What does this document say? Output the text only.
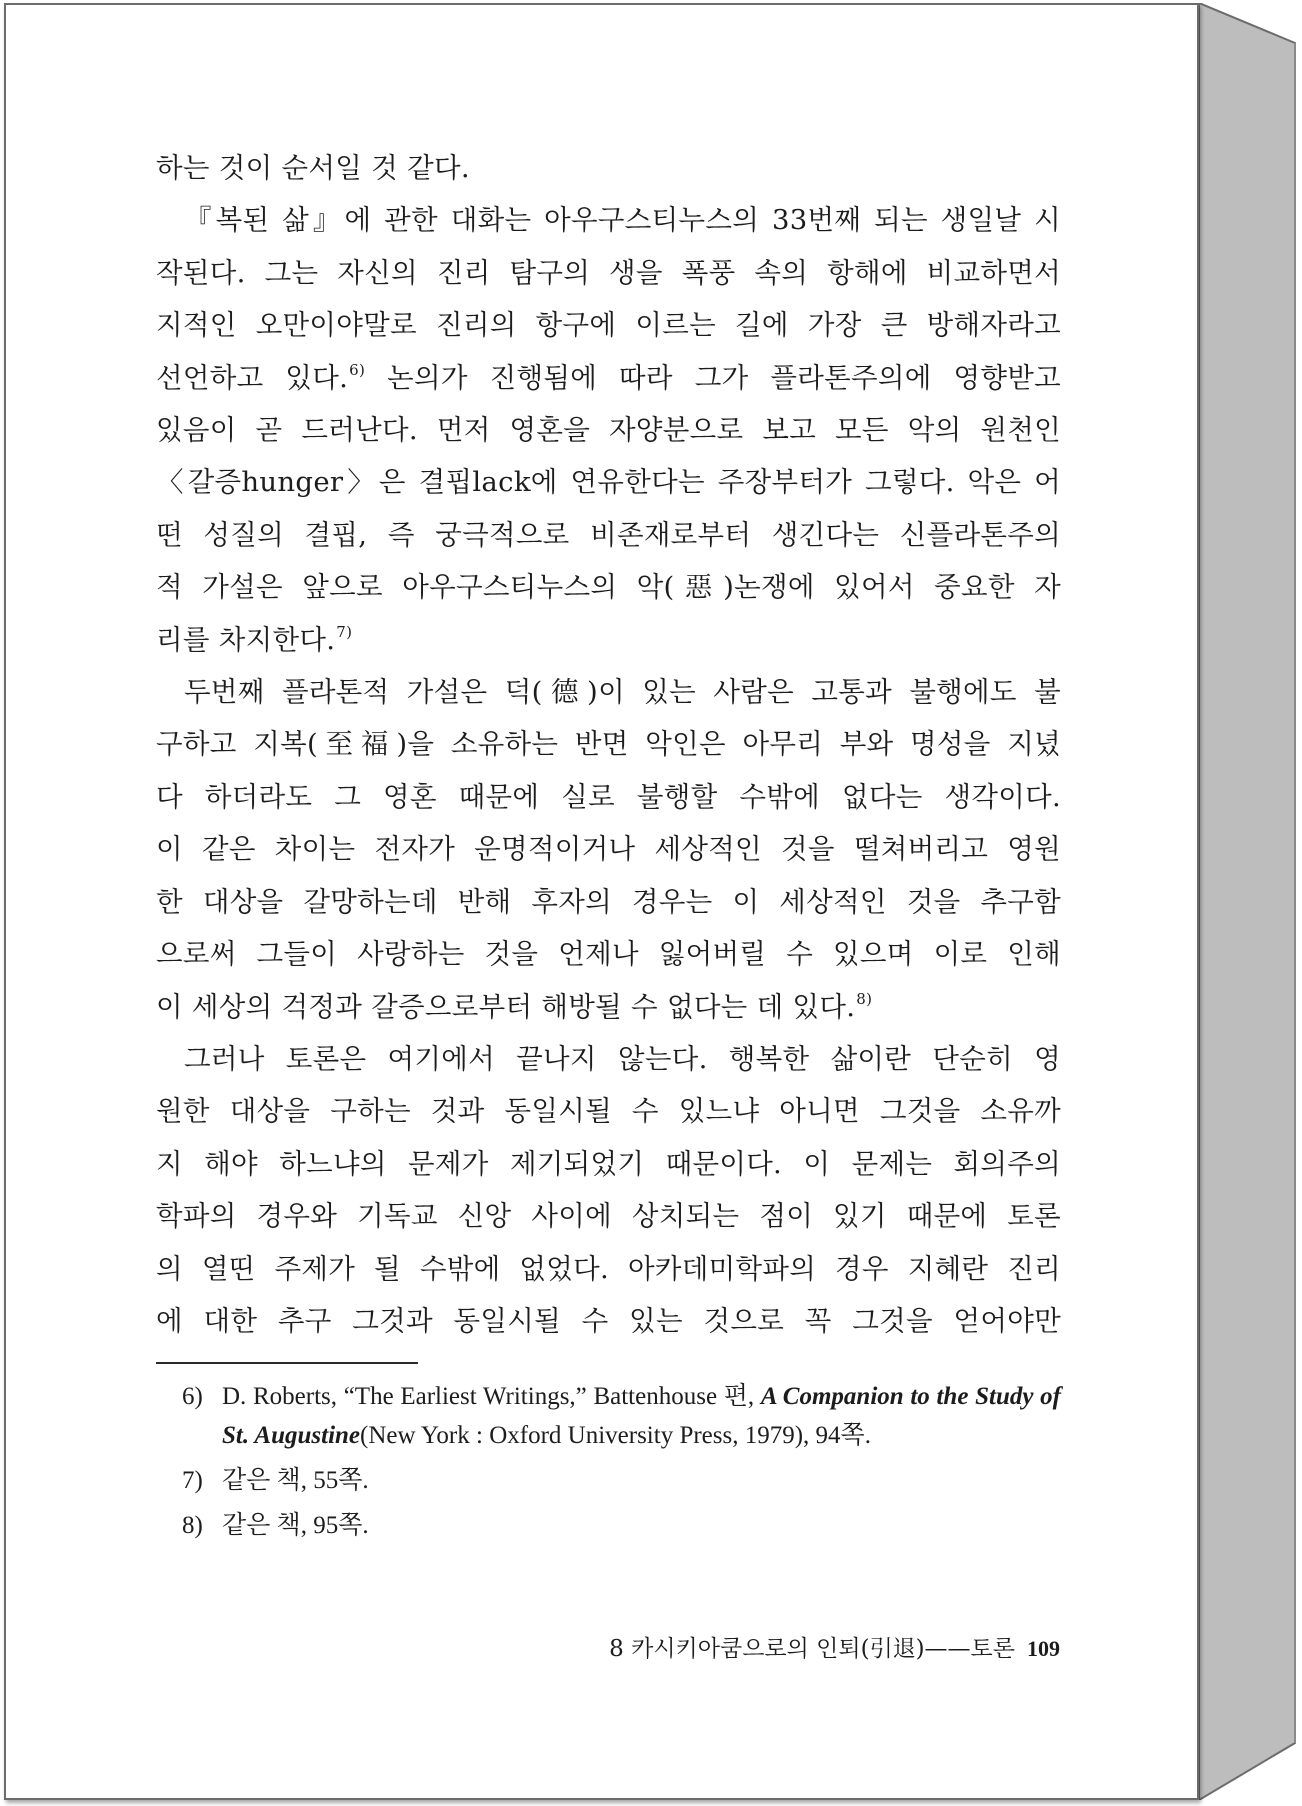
하는 것이 순서일 것 같다.

『복된 삶』에 관한 대화는 아우구스티누스의 33번째 되는 생일날 시

작된다. 그는 자신의 진리 탐구의 생을 폭풍 속의 항해에 비교하면서

지적인 오만이야말로 진리의 항구에 이르는 길에 가장 큰 방해자라고

선언하고 있다.$^{6)}$ 논의가 진행됨에 따라 그가 플라톤주의에 영향받고

있음이 곧 드러난다. 먼저 영혼을 자양분으로 보고 모든 악의 원천인

〈갈증hunger〉은 결핍lack에 연유한다는 주장부터가 그렇다. 악은 어

떤 성질의 결핍, 즉 궁극적으로 비존재로부터 생긴다는 신플라톤주의

적 가설은 앞으로 아우구스티누스의 악(惡)논쟁에 있어서 중요한 자

리를 차지한다.$^{7)}$

두번째 플라톤적 가설은 덕(德)이 있는 사람은 고통과 불행에도 불

구하고 지복(至福)을 소유하는 반면 악인은 아무리 부와 명성을 지녔

다 하더라도 그 영혼 때문에 실로 불행할 수밖에 없다는 생각이다.

이 같은 차이는 전자가 운명적이거나 세상적인 것을 떨쳐버리고 영원

한 대상을 갈망하는데 반해 후자의 경우는 이 세상적인 것을 추구함

으로써 그들이 사랑하는 것을 언제나 잃어버릴 수 있으며 이로 인해

이 세상의 걱정과 갈증으로부터 해방될 수 없다는 데 있다.$^{8)}$

그러나 토론은 여기에서 끝나지 않는다. 행복한 삶이란 단순히 영

원한 대상을 구하는 것과 동일시될 수 있느냐 아니면 그것을 소유까

지 해야 하느냐의 문제가 제기되었기 때문이다. 이 문제는 회의주의

학파의 경우와 기독교 신앙 사이에 상치되는 점이 있기 때문에 토론

의 열띤 주제가 될 수밖에 없었다. 아카데미학파의 경우 지혜란 진리

에 대한 추구 그것과 동일시될 수 있는 것으로 꼭 그것을 얻어야만

6) D. Roberts, “The Earliest Writings,” Battenhouse 편, A Companion to the Study of St. Augustine(New York : Oxford University Press, 1979), 94쪽.
7) 같은 책, 55쪽.
8) 같은 책, 95쪽.
8 카시키아쿰으로의 인퇴(引退)——토론 109
